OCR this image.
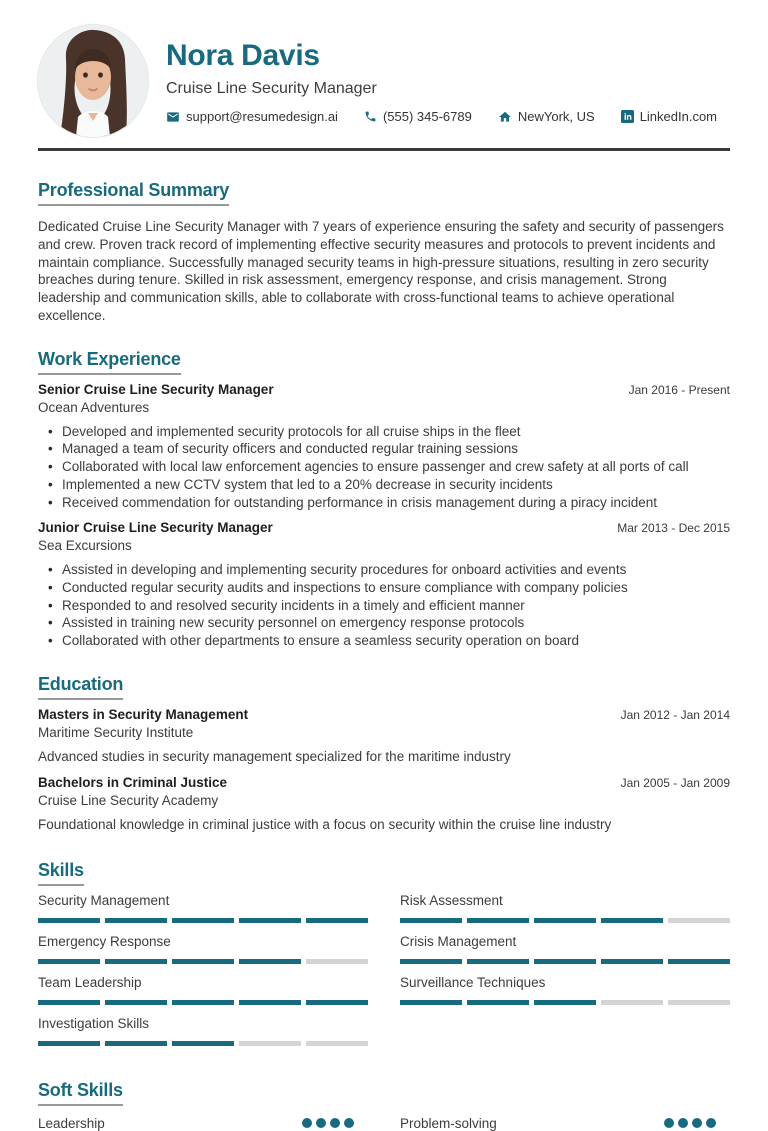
Nora Davis
Cruise Line Security Manager
support@resumedesign.ai	(555) 345-6789	NewYork, US	LinkedIn.com
Professional Summary

Dedicated Cruise Line Security Manager with 7 years of experience ensuring the safety and security of passengers and crew. Proven track record of implementing effective security measures and protocols to prevent incidents and maintain compliance. Successfully managed security teams in high-pressure situations, resulting in zero security breaches during tenure. Skilled in risk assessment, emergency response, and crisis management. Strong leadership and communication skills, able to collaborate with cross-functional teams to achieve operational excellence.

Work Experience
Senior Cruise Line Security Manager	Jan 2016 - Present
Ocean Adventures
• Developed and implemented security protocols for all cruise ships in the fleet
• Managed a team of security officers and conducted regular training sessions
• Collaborated with local law enforcement agencies to ensure passenger and crew safety at all ports of call
• Implemented a new CCTV system that led to a 20% decrease in security incidents
• Received commendation for outstanding performance in crisis management during a piracy incident
Junior Cruise Line Security Manager	Mar 2013 - Dec 2015
Sea Excursions
• Assisted in developing and implementing security procedures for onboard activities and events
• Conducted regular security audits and inspections to ensure compliance with company policies
• Responded to and resolved security incidents in a timely and efficient manner
• Assisted in training new security personnel on emergency response protocols
• Collaborated with other departments to ensure a seamless security operation on board
Education
Masters in Security Management	Jan 2012 - Jan 2014
Maritime Security Institute
Advanced studies in security management specialized for the maritime industry
Bachelors in Criminal Justice	Jan 2005 - Jan 2009
Cruise Line Security Academy
Foundational knowledge in criminal justice with a focus on security within the cruise line industry
Skills
Security Management	Risk Assessment
Emergency Response	Crisis Management
Team Leadership	Surveillance Techniques
Investigation Skills
Soft Skills
Leadership	Problem-solving
